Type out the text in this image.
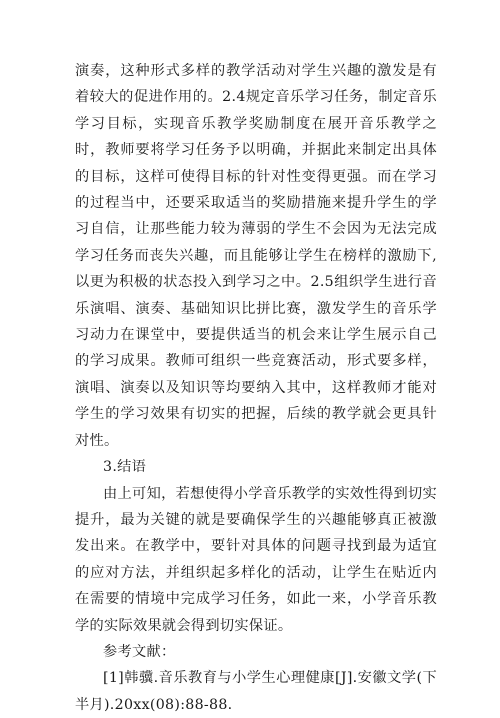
演奏，这种形式多样的教学活动对学生兴趣的激发是有着较大的促进作用的。2.4规定音乐学习任务，制定音乐学习目标，实现音乐教学奖励制度在展开音乐教学之时，教师要将学习任务予以明确，并据此来制定出具体的目标，这样可使得目标的针对性变得更强。而在学习的过程当中，还要采取适当的奖励措施来提升学生的学习自信，让那些能力较为薄弱的学生不会因为无法完成学习任务而丧失兴趣，而且能够让学生在榜样的激励下,以更为积极的状态投入到学习之中。2.5组织学生进行音乐演唱、演奏、基础知识比拼比赛，激发学生的音乐学习动力在课堂中，要提供适当的机会来让学生展示自己的学习成果。教师可组织一些竞赛活动，形式要多样，演唱、演奏以及知识等均要纳入其中，这样教师才能对学生的学习效果有切实的把握，后续的教学就会更具针对性。

3.结语

由上可知，若想使得小学音乐教学的实效性得到切实提升，最为关键的就是要确保学生的兴趣能够真正被激发出来。在教学中，要针对具体的问题寻找到最为适宜的应对方法，并组织起多样化的活动，让学生在贴近内在需要的情境中完成学习任务，如此一来，小学音乐教学的实际效果就会得到切实保证。

参考文献：

[1]韩骥.音乐教育与小学生心理健康[J].安徽文学(下半月).20xx(08):88-88.
